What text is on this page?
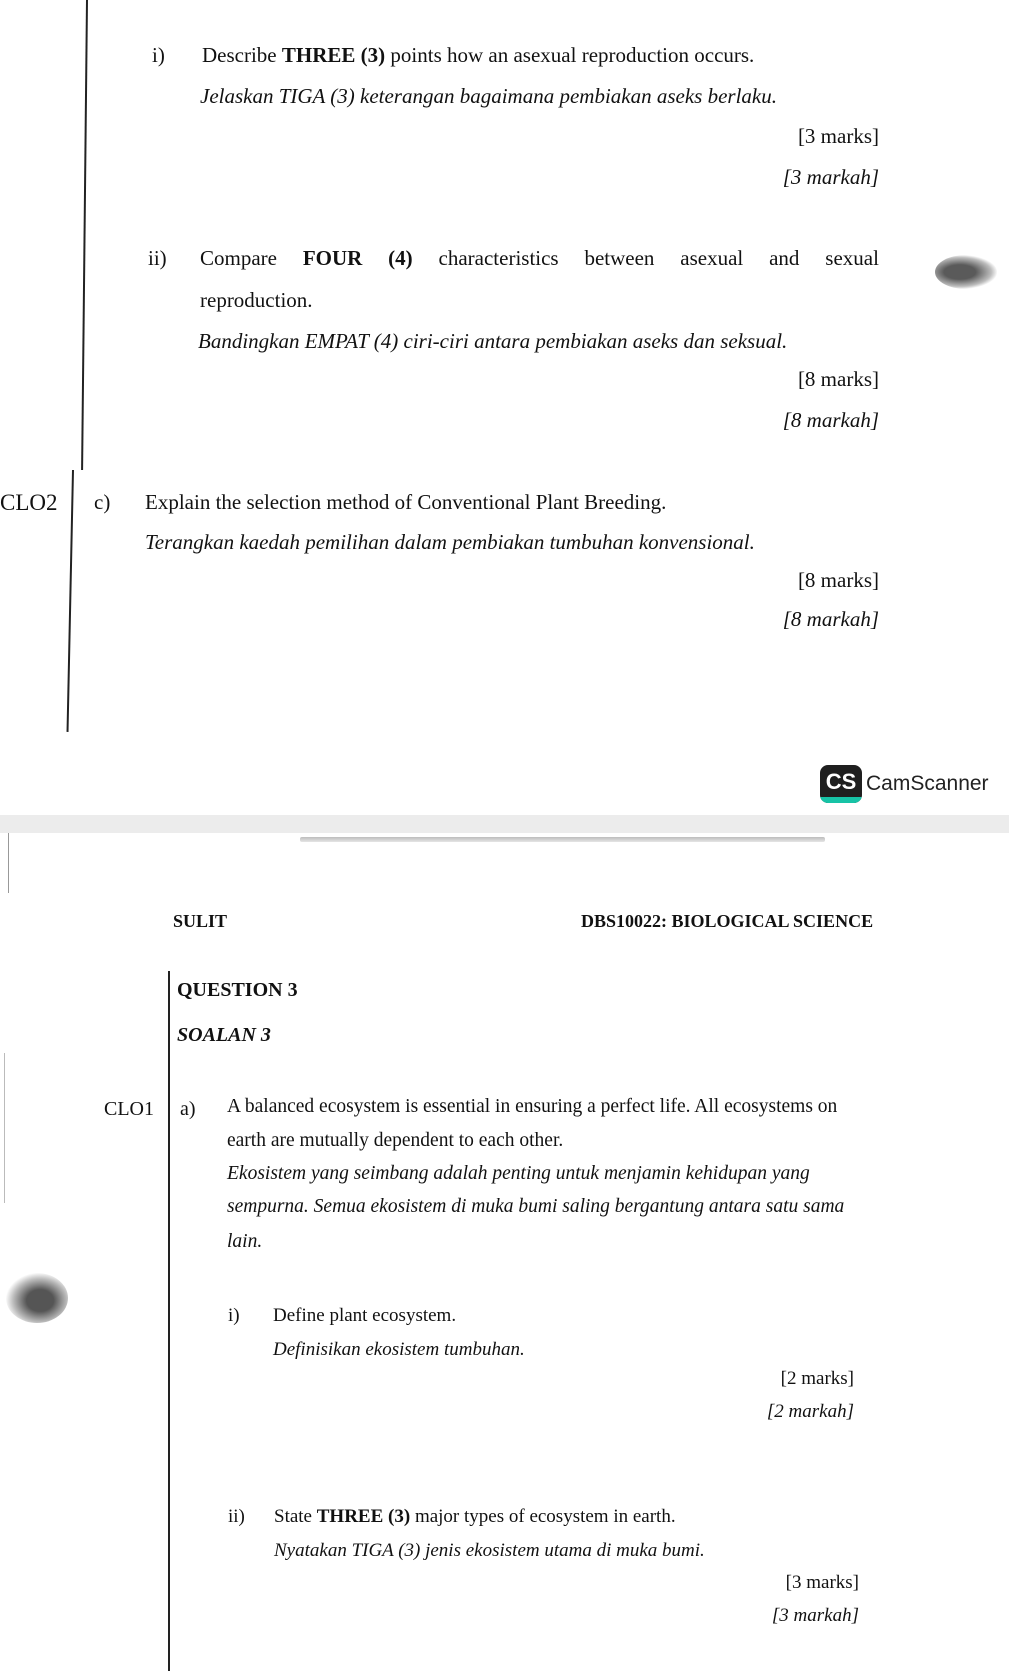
i) Describe THREE (3) points how an asexual reproduction occurs.
Jelaskan TIGA (3) keterangan bagaimana pembiakan aseks berlaku.
[3 marks]
[3 markah]
ii) Compare FOUR (4) characteristics between asexual and sexual
reproduction.
Bandingkan EMPAT (4) ciri-ciri antara pembiakan aseks dan seksual.
[8 marks]
[8 markah]
CLO2 c) Explain the selection method of Conventional Plant Breeding.
Terangkan kaedah pemilihan dalam pembiakan tumbuhan konvensional.
[8 marks]
[8 markah]
CS CamScanner
SULIT	DBS10022: BIOLOGICAL SCIENCE
QUESTION 3
SOALAN 3
CLO1 a) A balanced ecosystem is essential in ensuring a perfect life. All ecosystems on
earth are mutually dependent to each other.
Ekosistem yang seimbang adalah penting untuk menjamin kehidupan yang
sempurna. Semua ekosistem di muka bumi saling bergantung antara satu sama
lain.
i) Define plant ecosystem.
Definisikan ekosistem tumbuhan.
[2 marks]
[2 markah]
ii) State THREE (3) major types of ecosystem in earth.
Nyatakan TIGA (3) jenis ekosistem utama di muka bumi.
[3 marks]
[3 markah]
